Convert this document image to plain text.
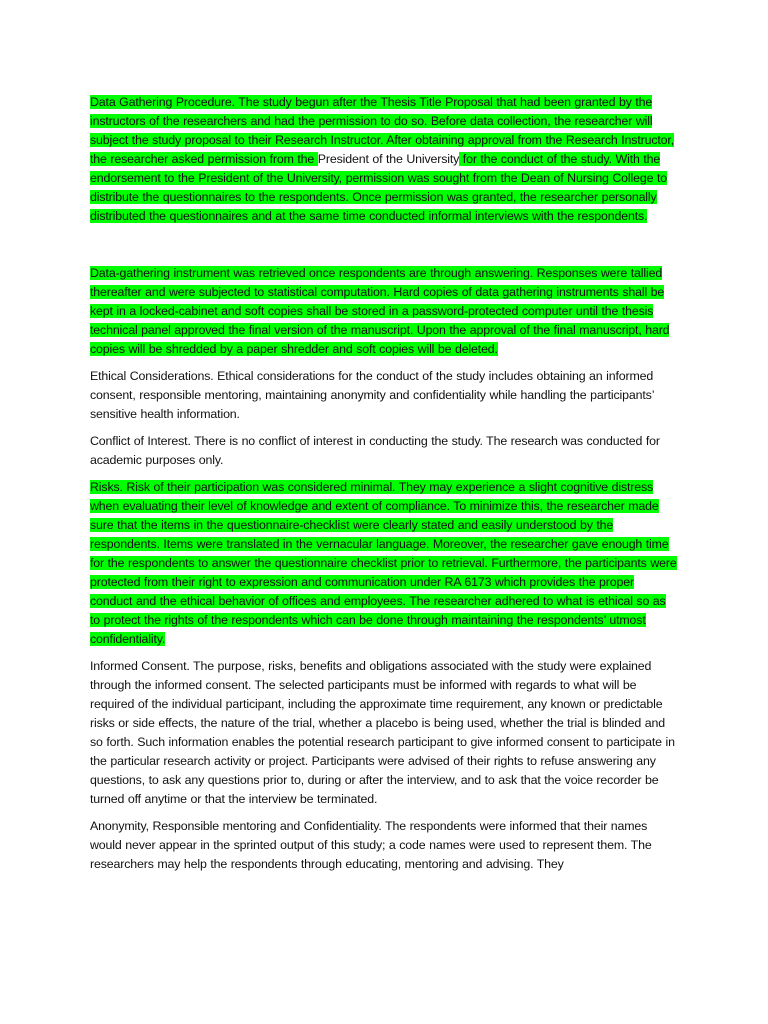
Data Gathering Procedure. The study begun after the Thesis Title Proposal that had been granted by the instructors of the researchers and had the permission to do so. Before data collection, the researcher will subject the study proposal to their Research Instructor. After obtaining approval from the Research Instructor, the researcher asked permission from the President of the University for the conduct of the study. With the endorsement to the President of the University, permission was sought from the Dean of Nursing College to distribute the questionnaires to the respondents. Once permission was granted, the researcher personally distributed the questionnaires and at the same time conducted informal interviews with the respondents.

Data-gathering instrument was retrieved once respondents are through answering. Responses were tallied thereafter and were subjected to statistical computation. Hard copies of data gathering instruments shall be kept in a locked-cabinet and soft copies shall be stored in a password-protected computer until the thesis technical panel approved the final version of the manuscript. Upon the approval of the final manuscript, hard copies will be shredded by a paper shredder and soft copies will be deleted.

Ethical Considerations. Ethical considerations for the conduct of the study includes obtaining an informed consent, responsible mentoring, maintaining anonymity and confidentiality while handling the participants’ sensitive health information.

Conflict of Interest. There is no conflict of interest in conducting the study. The research was conducted for academic purposes only.

Risks. Risk of their participation was considered minimal. They may experience a slight cognitive distress when evaluating their level of knowledge and extent of compliance. To minimize this, the researcher made sure that the items in the questionnaire-checklist were clearly stated and easily understood by the respondents. Items were translated in the vernacular language. Moreover, the researcher gave enough time for the respondents to answer the questionnaire checklist prior to retrieval. Furthermore, the participants were protected from their right to expression and communication under RA 6173 which provides the proper conduct and the ethical behavior of offices and employees. The researcher adhered to what is ethical so as to protect the rights of the respondents which can be done through maintaining the respondents’ utmost confidentiality.

Informed Consent. The purpose, risks, benefits and obligations associated with the study were explained through the informed consent. The selected participants must be informed with regards to what will be required of the individual participant, including the approximate time requirement, any known or predictable risks or side effects, the nature of the trial, whether a placebo is being used, whether the trial is blinded and so forth. Such information enables the potential research participant to give informed consent to participate in the particular research activity or project. Participants were advised of their rights to refuse answering any questions, to ask any questions prior to, during or after the interview, and to ask that the voice recorder be turned off anytime or that the interview be terminated.

Anonymity, Responsible mentoring and Confidentiality. The respondents were informed that their names would never appear in the sprinted output of this study; a code names were used to represent them. The researchers may help the respondents through educating, mentoring and advising. They
